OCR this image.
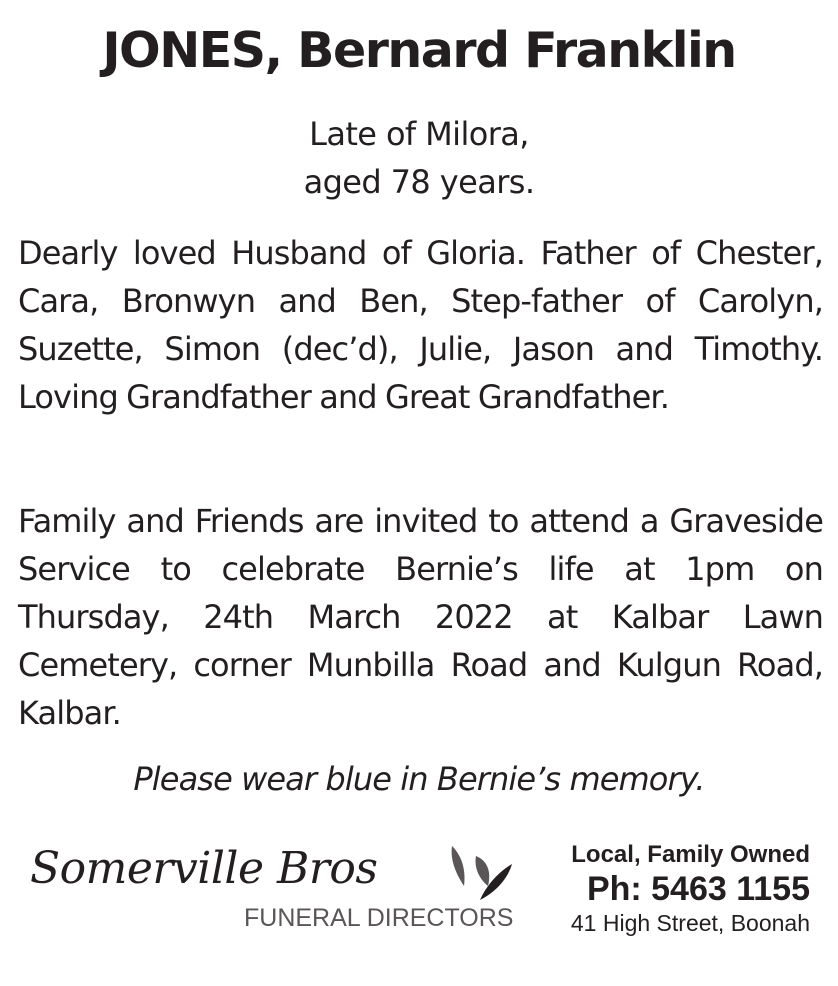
JONES, Bernard Franklin
Late of Milora,
aged 78 years.
Dearly loved Husband of Gloria. Father of Chester, Cara, Bronwyn and Ben, Step-father of Carolyn, Suzette, Simon (dec’d), Julie, Jason and Timothy. Loving Grandfather and Great Grandfather.
Family and Friends are invited to attend a Graveside Service to celebrate Bernie’s life at 1pm on Thursday, 24th March 2022 at Kalbar Lawn Cemetery, corner Munbilla Road and Kulgun Road, Kalbar.
Please wear blue in Bernie’s memory.
Somerville Bros
FUNERAL DIRECTORS
Local, Family Owned
Ph: 5463 1155
41 High Street, Boonah
